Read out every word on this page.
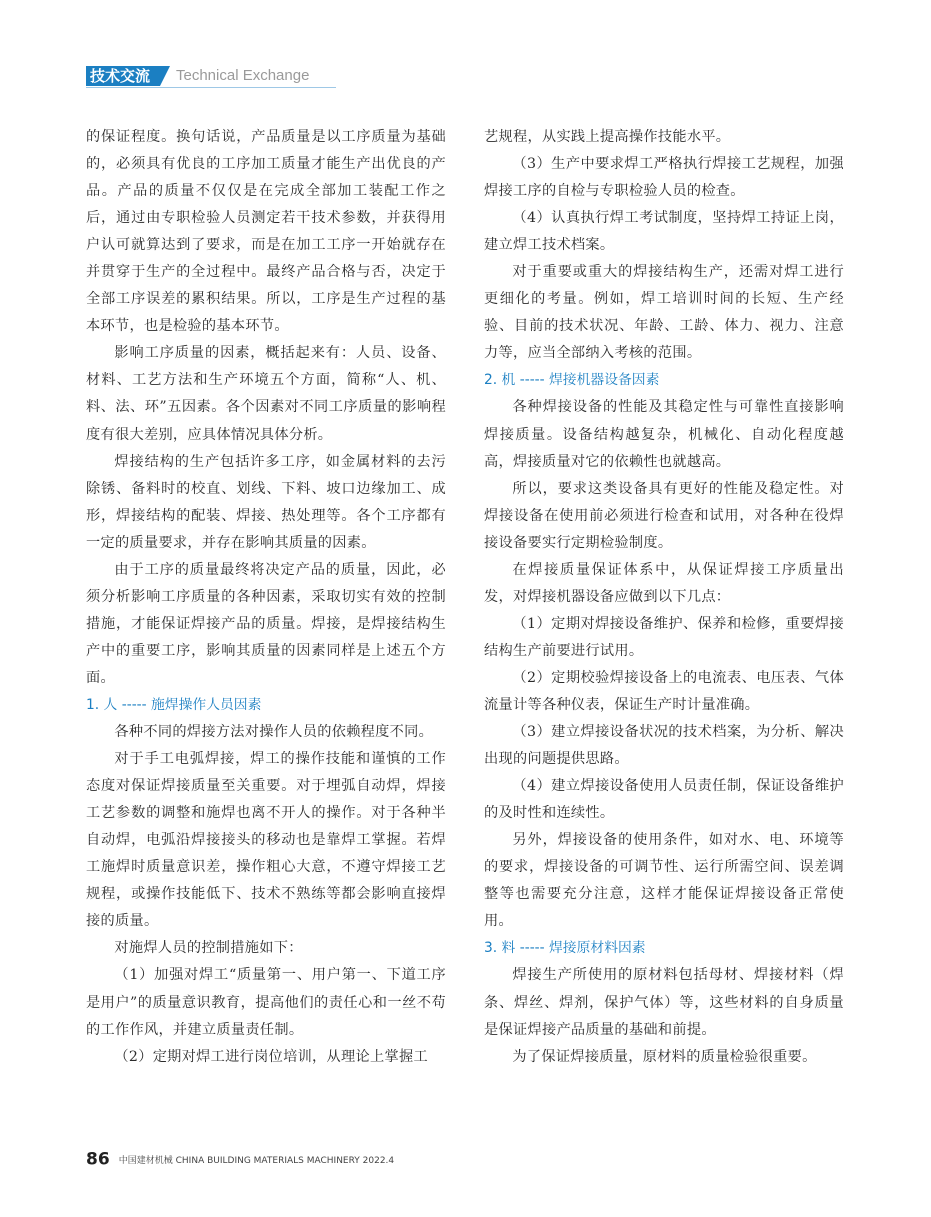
技术交流	Technical Exchange

的保证程度。换句话说，产品质量是以工序质量为基础的，必须具有优良的工序加工质量才能生产出优良的产品。产品的质量不仅仅是在完成全部加工装配工作之后，通过由专职检验人员测定若干技术参数，并获得用户认可就算达到了要求，而是在加工工序一开始就存在并贯穿于生产的全过程中。最终产品合格与否，决定于全部工序误差的累积结果。所以，工序是生产过程的基本环节，也是检验的基本环节。

影响工序质量的因素，概括起来有：人员、设备、材料、工艺方法和生产环境五个方面，简称“人、机、料、法、环”五因素。各个因素对不同工序质量的影响程度有很大差别，应具体情况具体分析。

焊接结构的生产包括许多工序，如金属材料的去污除锈、备料时的校直、划线、下料、坡口边缘加工、成形，焊接结构的配装、焊接、热处理等。各个工序都有一定的质量要求，并存在影响其质量的因素。

由于工序的质量最终将决定产品的质量，因此，必须分析影响工序质量的各种因素，采取切实有效的控制措施，才能保证焊接产品的质量。焊接，是焊接结构生产中的重要工序，影响其质量的因素同样是上述五个方面。

1. 人 ----- 施焊操作人员因素

各种不同的焊接方法对操作人员的依赖程度不同。

对于手工电弧焊接，焊工的操作技能和谨慎的工作态度对保证焊接质量至关重要。对于埋弧自动焊，焊接工艺参数的调整和施焊也离不开人的操作。对于各种半自动焊，电弧沿焊接接头的移动也是靠焊工掌握。若焊工施焊时质量意识差，操作粗心大意，不遵守焊接工艺规程，或操作技能低下、技术不熟练等都会影响直接焊接的质量。

对施焊人员的控制措施如下：

（1）加强对焊工“质量第一、用户第一、下道工序是用户”的质量意识教育，提高他们的责任心和一丝不苟的工作作风，并建立质量责任制。

（2）定期对焊工进行岗位培训，从理论上掌握工

艺规程，从实践上提高操作技能水平。

（3）生产中要求焊工严格执行焊接工艺规程，加强焊接工序的自检与专职检验人员的检查。

（4）认真执行焊工考试制度，坚持焊工持证上岗，建立焊工技术档案。

对于重要或重大的焊接结构生产，还需对焊工进行更细化的考量。例如，焊工培训时间的长短、生产经验、目前的技术状况、年龄、工龄、体力、视力、注意力等，应当全部纳入考核的范围。

2. 机 ----- 焊接机器设备因素

各种焊接设备的性能及其稳定性与可靠性直接影响焊接质量。设备结构越复杂，机械化、自动化程度越高，焊接质量对它的依赖性也就越高。

所以，要求这类设备具有更好的性能及稳定性。对焊接设备在使用前必须进行检查和试用，对各种在役焊接设备要实行定期检验制度。

在焊接质量保证体系中，从保证焊接工序质量出发，对焊接机器设备应做到以下几点：

（1）定期对焊接设备维护、保养和检修，重要焊接结构生产前要进行试用。

（2）定期校验焊接设备上的电流表、电压表、气体流量计等各种仪表，保证生产时计量准确。

（3）建立焊接设备状况的技术档案，为分析、解决出现的问题提供思路。

（4）建立焊接设备使用人员责任制，保证设备维护的及时性和连续性。

另外，焊接设备的使用条件，如对水、电、环境等的要求，焊接设备的可调节性、运行所需空间、误差调整等也需要充分注意，这样才能保证焊接设备正常使用。

3. 料 ----- 焊接原材料因素

焊接生产所使用的原材料包括母材、焊接材料（焊条、焊丝、焊剂，保护气体）等，这些材料的自身质量是保证焊接产品质量的基础和前提。

为了保证焊接质量，原材料的质量检验很重要。

86 中国建材机械 CHINA BUILDING MATERIALS MACHINERY 2022.4
